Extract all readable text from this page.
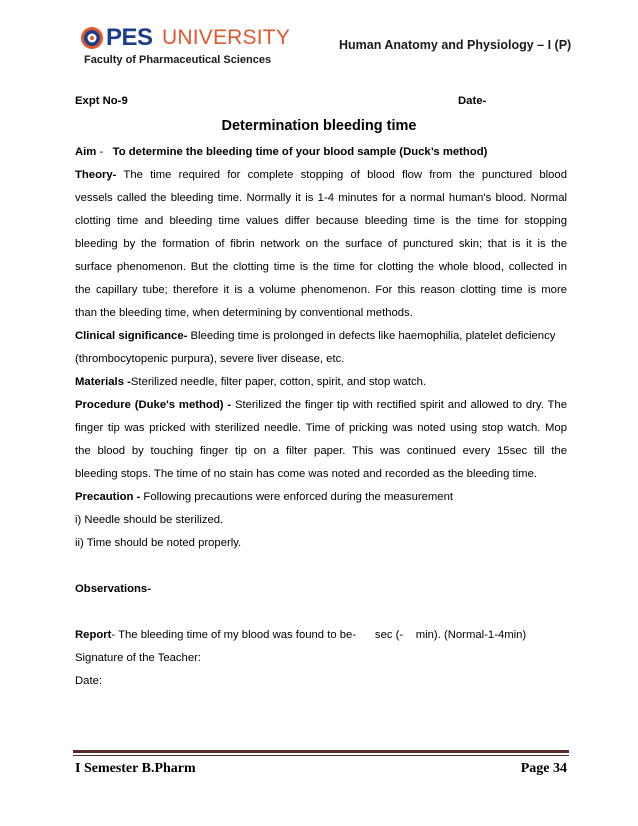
PES UNIVERSITY
Faculty of Pharmaceutical Sciences
Human Anatomy and Physiology – I (P)
Expt No-9	Date-
Determination bleeding time
Aim -   To determine the bleeding time of your blood sample (Duck’s method)
Theory- The time required for complete stopping of blood flow from the punctured blood
vessels called the bleeding time. Normally it is 1-4 minutes for a normal human's blood. Normal
clotting time and bleeding time values differ because bleeding time is the time for stopping
bleeding by the formation of fibrin network on the surface of punctured skin; that is it is the
surface phenomenon. But the clotting time is the time for clotting the whole blood, collected in
the capillary tube; therefore it is a volume phenomenon. For this reason clotting time is more
than the bleeding time, when determining by conventional methods.
Clinical significance- Bleeding time is prolonged in defects like haemophilia, platelet deficiency
(thrombocytopenic purpura), severe liver disease, etc.
Materials -Sterilized needle, filter paper, cotton, spirit, and stop watch.
Procedure (Duke's method) - Sterilized the finger tip with rectified spirit and allowed to dry. The
finger tip was pricked with sterilized needle. Time of pricking was noted using stop watch. Mop
the blood by touching finger tip on a filter paper. This was continued every 15sec till the
bleeding stops. The time of no stain has come was noted and recorded as the bleeding time.
Precaution - Following precautions were enforced during the measurement
i) Needle should be sterilized.
ii) Time should be noted properly.
Observations-
Report- The bleeding time of my blood was found to be-      sec (-    min). (Normal-1-4min)
Signature of the Teacher:
Date:
I Semester B.Pharm	Page 34
